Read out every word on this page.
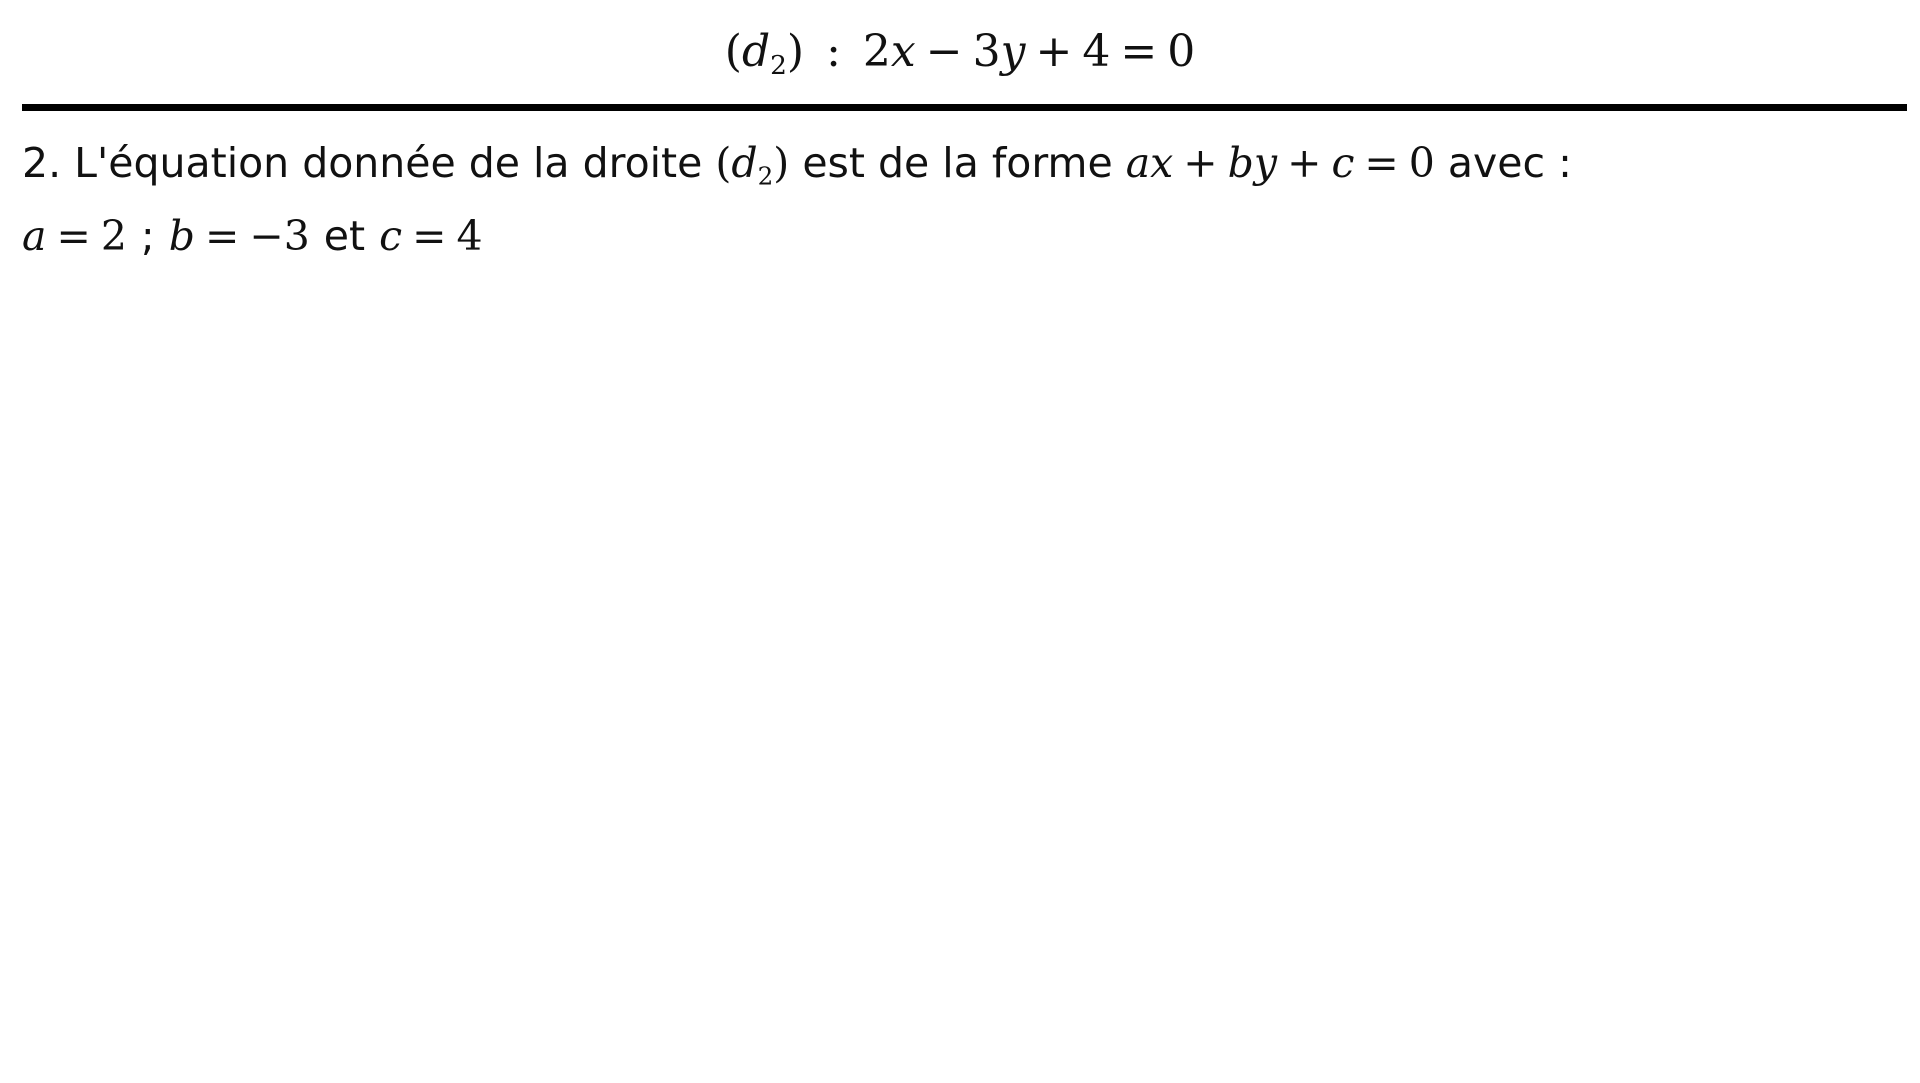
$(d_2)$ : 2x − 3y + 4 = 0
2. L'équation donnée de la droite $(d_2)$ est de la forme ax + by + c = 0 avec :
a = 2 ; b = −3 et c = 4
